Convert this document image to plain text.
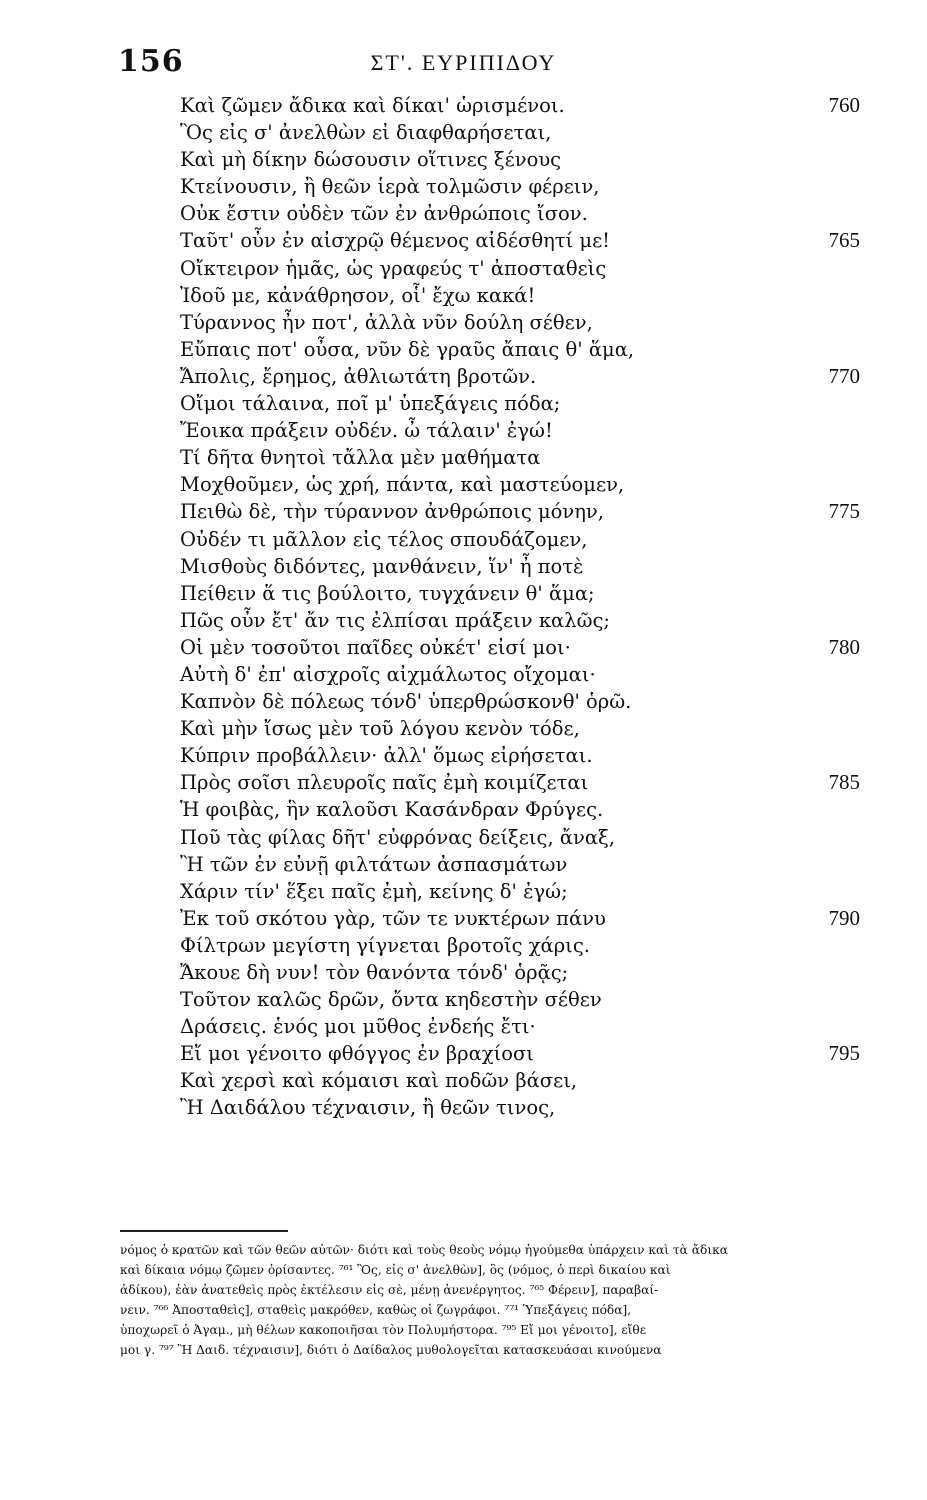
156	ΣΤ'. ΕΥΡΙΠΙΔΟΥ
Καὶ ζῶμεν ἄδικα καὶ δίκαι' ὡρισμένοι.	760
Ὃς εἰς σ' ἀνελθὼν εἰ διαφθαρήσεται,
Καὶ μὴ δίκην δώσουσιν οἵτινες ξένους
Κτείνουσιν, ἢ θεῶν ἱερὰ τολμῶσιν φέρειν,
Οὐκ ἔστιν οὐδὲν τῶν ἐν ἀνθρώποις ἴσον.
Ταῦτ' οὖν ἐν αἰσχρῷ θέμενος αἰδέσθητί με!	765
Οἴκτειρον ἡμᾶς, ὡς γραφεύς τ' ἀποσταθεὶς
Ἰδοῦ με, κἀνάθρησον, οἷ' ἔχω κακά!
Τύραννος ἦν ποτ', ἀλλὰ νῦν δούλη σέθεν,
Εὔπαις ποτ' οὖσα, νῦν δὲ γραῦς ἄπαις θ' ἅμα,
Ἄπολις, ἔρημος, ἀθλιωτάτη βροτῶν.	770
Οἴμοι τάλαινα, ποῖ μ' ὑπεξάγεις πόδα;
Ἔοικα πράξειν οὐδέν. ὦ τάλαιν' ἐγώ!
Τί δῆτα θνητοὶ τἄλλα μὲν μαθήματα
Μοχθοῦμεν, ὡς χρή, πάντα, καὶ μαστεύομεν,
Πειθὼ δὲ, τὴν τύραννον ἀνθρώποις μόνην,	775
Οὐδέν τι μᾶλλον εἰς τέλος σπουδάζομεν,
Μισθοὺς διδόντες, μανθάνειν, ἵν' ἦ ποτὲ
Πείθειν ἅ τις βούλοιτο, τυγχάνειν θ' ἅμα;
Πῶς οὖν ἔτ' ἄν τις ἐλπίσαι πράξειν καλῶς;
Οἱ μὲν τοσοῦτοι παῖδες οὐκέτ' εἰσί μοι·	780
Αὐτὴ δ' ἐπ' αἰσχροῖς αἰχμάλωτος οἴχομαι·
Καπνὸν δὲ πόλεως τόνδ' ὑπερθρώσκονθ' ὁρῶ.
Καὶ μὴν ἴσως μὲν τοῦ λόγου κενὸν τόδε,
Κύπριν προβάλλειν· ἀλλ' ὅμως εἰρήσεται.
Πρὸς σοῖσι πλευροῖς παῖς ἐμὴ κοιμίζεται	785
Ἡ φοιβὰς, ἣν καλοῦσι Κασάνδραν Φρύγες.
Ποῦ τὰς φίλας δῆτ' εὐφρόνας δείξεις, ἄναξ,
Ἢ τῶν ἐν εὐνῇ φιλτάτων ἀσπασμάτων
Χάριν τίν' ἕξει παῖς ἐμὴ, κείνης δ' ἐγώ;
Ἐκ τοῦ σκότου γὰρ, τῶν τε νυκτέρων πάνυ	790
Φίλτρων μεγίστη γίγνεται βροτοῖς χάρις.
Ἄκουε δὴ νυν! τὸν θανόντα τόνδ' ὁρᾷς;
Τοῦτον καλῶς δρῶν, ὄντα κηδεστὴν σέθεν
Δράσεις. ἑνός μοι μῦθος ἐνδεής ἔτι·
Εἴ μοι γένοιτο φθόγγος ἐν βραχίοσι	795
Καὶ χερσὶ καὶ κόμαισι καὶ ποδῶν βάσει,
Ἢ Δαιδάλου τέχναισιν, ἢ θεῶν τινος,
νόμος ὁ κρατῶν καὶ τῶν θεῶν αὐτῶν· διότι καὶ τοὺς θεοὺς νόμῳ ἡγούμεθα ὑπάρχειν καὶ τὰ ἄδικα
καὶ δίκαια νόμῳ ζῶμεν ὁρίσαντες. ⁷⁶¹ Ὃς, εἰς σ' ἀνελθὼν], ὃς (νόμος, ὁ περὶ δικαίου καὶ
ἀδίκου), ἐὰν ἀνατεθεὶς πρὸς ἐκτέλεσιν εἰς σὲ, μένῃ ἀνενέργητος. ⁷⁶⁵ Φέρειν], παραβαί-
νειν. ⁷⁶⁶ Ἀποσταθεὶς], σταθεὶς μακρόθεν, καθὼς οἱ ζωγράφοι. ⁷⁷¹ Ὑπεξάγεις πόδα],
ὑποχωρεῖ ὁ Ἀγαμ., μὴ θέλων κακοποιῆσαι τὸν Πολυμήστορα. ⁷⁹⁵ Εἴ μοι γένοιτο], εἴθε
μοι γ. ⁷⁹⁷ Ἢ Δαιδ. τέχναισιν], διότι ὁ Δαίδαλος μυθολογεῖται κατασκευάσαι κινούμενα
